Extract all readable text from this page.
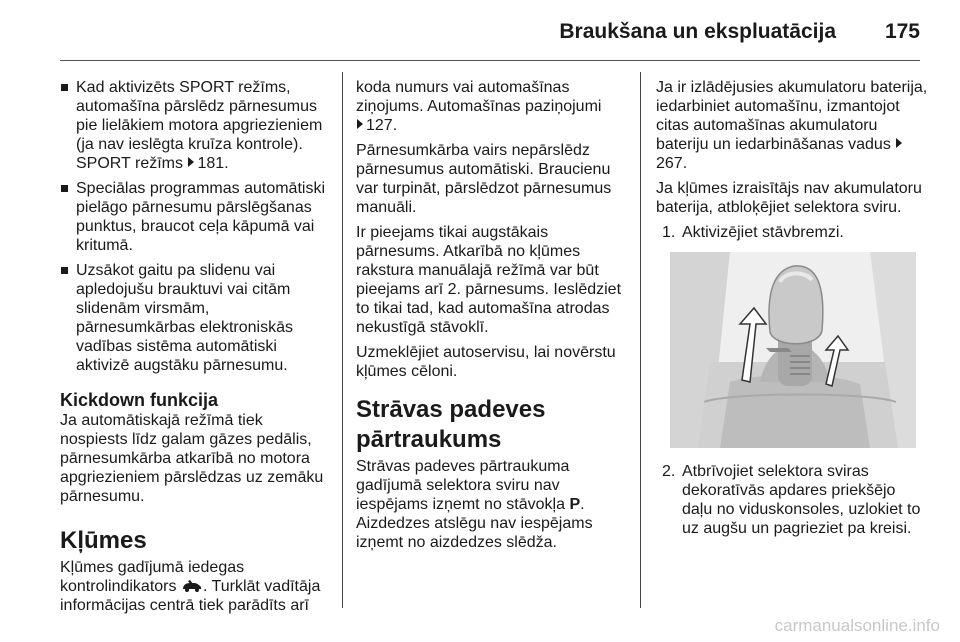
Braukšana un ekspluatācija 175
Kad aktivizēts SPORT režīms, automašīna pārslēdz pārnesumus pie lielākiem motora apgriezieniem (ja nav ieslēgta kruīza kontrole). SPORT režīms 181.
Speciālas programmas automātiski pielāgo pārnesumu pārslēgšanas punktus, braucot ceļa kāpumā vai kritumā.
Uzsākot gaitu pa slidenu vai apledojušu brauktuvi vai citām slidenām virsmām, pārnesumkārbas elektroniskās vadības sistēma automātiski aktivizē augstāku pārnesumu.
Kickdown funkcija

Ja automātiskajā režīmā tiek nospiests līdz galam gāzes pedālis, pārnesumkārba atkarībā no motora apgriezieniem pārslēdzas uz zemāku pārnesumu.

Kļūmes

Kļūmes gadījumā iedegas kontrolindikators . Turklāt vadītāja informācijas centrā tiek parādīts arī

koda numurs vai automašīnas ziņojums. Automašīnas paziņojumi
127.

Pārnesumkārba vairs nepārslēdz pārnesumus automātiski. Braucienu var turpināt, pārslēdzot pārnesumus manuāli.

Ir pieejams tikai augstākais pārnesums. Atkarībā no kļūmes rakstura manuālajā režīmā var būt pieejams arī 2. pārnesums. Ieslēdziet to tikai tad, kad automašīna atrodas nekustīgā stāvoklī.

Uzmeklējiet autoservisu, lai novērstu kļūmes cēloni.

Strāvas padeves
pārtraukums

Strāvas padeves pārtraukuma gadījumā selektora sviru nav iespējams izņemt no stāvokļa P. Aizdedzes atslēgu nav iespējams izņemt no aizdedzes slēdža.

Ja ir izlādējusies akumulatoru baterija, iedarbiniet automašīnu, izmantojot citas automašīnas akumulatoru bateriju un iedarbināšanas vadus 267.

Ja kļūmes izraisītājs nav akumulatoru baterija, atbloķējiet selektora sviru.

1. Aktivizējiet stāvbremzi.
2. Atbrīvojiet selektora sviras dekoratīvās apdares priekšējo daļu no viduskonsoles, uzlokiet to uz augšu un pagrieziet pa kreisi.
carmanualsonline.info
